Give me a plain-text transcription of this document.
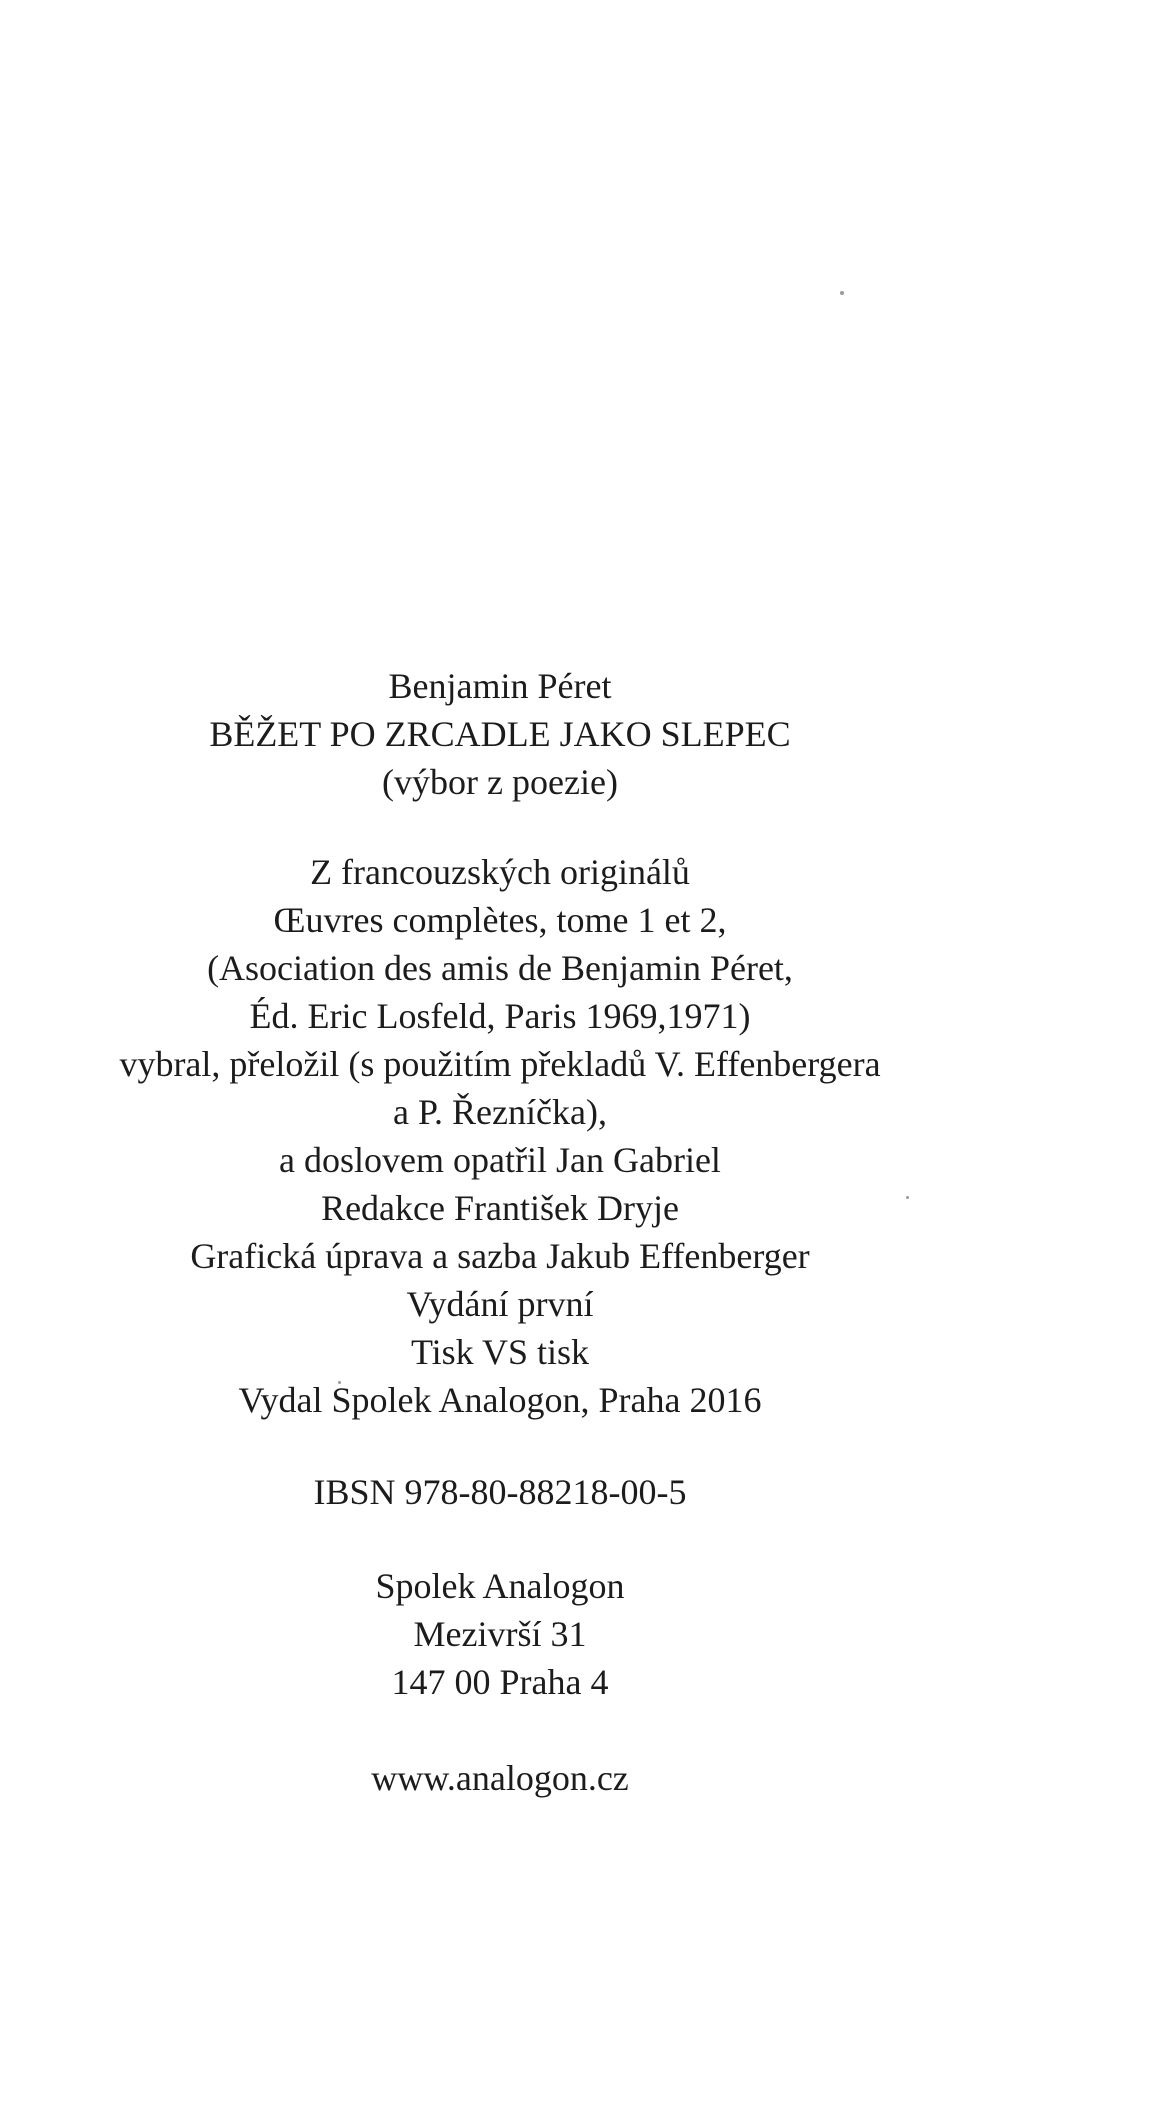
Benjamin Péret
BĚŽET PO ZRCADLE JAKO SLEPEC
(výbor z poezie)
Z francouzských originálů
Œuvres complètes, tome 1 et 2,
(Asociation des amis de Benjamin Péret,
Éd. Eric Losfeld, Paris 1969,1971)
vybral, přeložil (s použitím překladů V. Effenbergera
a P. Řezníčka),
a doslovem opatřil Jan Gabriel
Redakce František Dryje
Grafická úprava a sazba Jakub Effenberger
Vydání první
Tisk VS tisk
Vydal Spolek Analogon, Praha 2016
IBSN 978-80-88218-00-5
Spolek Analogon
Mezivrší 31
147 00 Praha 4
www.analogon.cz
